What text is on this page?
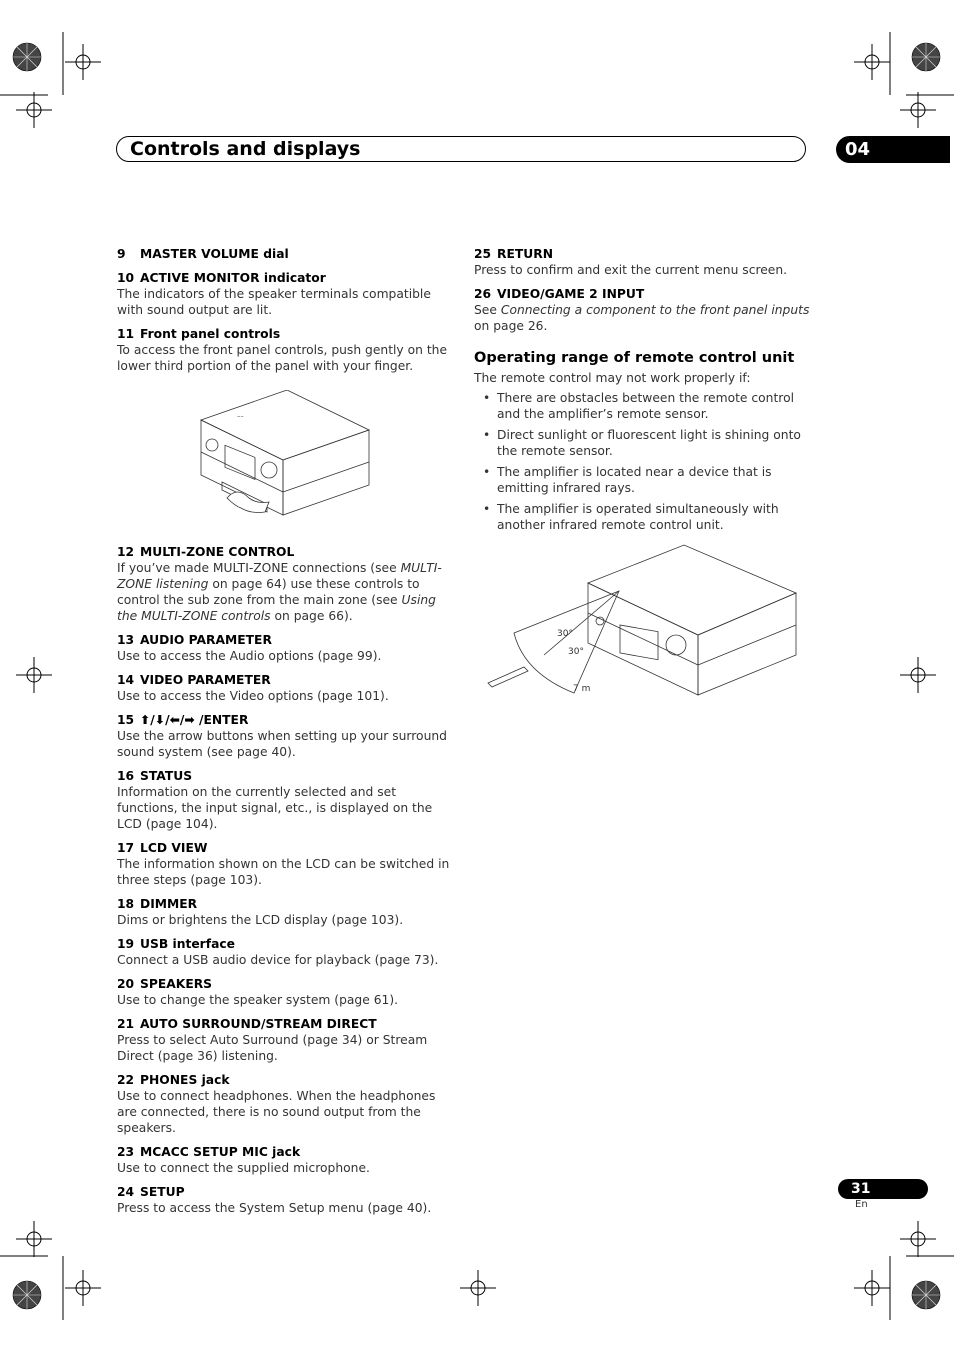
Controls and displays	04
9	MASTER VOLUME dial
10 ACTIVE MONITOR indicator
The indicators of the speaker terminals compatible with sound output are lit.
11 Front panel controls
To access the front panel controls, push gently on the lower third portion of the panel with your finger.
~~
12 MULTI-ZONE CONTROL
If you’ve made MULTI-ZONE connections (see MULTI-ZONE listening on page 64) use these controls to control the sub zone from the main zone (see Using the MULTI-ZONE controls on page 66).
13 AUDIO PARAMETER
Use to access the Audio options (page 99).
14 VIDEO PARAMETER
Use to access the Video options (page 101).
15 ⬆/⬇/⬅/➡ /ENTER
Use the arrow buttons when setting up your surround sound system (see page 40).
16 STATUS
Information on the currently selected and set functions, the input signal, etc., is displayed on the LCD (page 104).
17 LCD VIEW
The information shown on the LCD can be switched in three steps (page 103).
18 DIMMER
Dims or brightens the LCD display (page 103).
19 USB interface
Connect a USB audio device for playback (page 73).
20 SPEAKERS
Use to change the speaker system (page 61).
21 AUTO SURROUND/STREAM DIRECT
Press to select Auto Surround (page 34) or Stream Direct (page 36) listening.
22 PHONES jack
Use to connect headphones. When the headphones are connected, there is no sound output from the speakers.
23 MCACC SETUP MIC jack
Use to connect the supplied microphone.
24 SETUP
Press to access the System Setup menu (page 40).
25 RETURN
Press to confirm and exit the current menu screen.
26 VIDEO/GAME 2 INPUT
See Connecting a component to the front panel inputs on page 26.
Operating range of remote control unit
The remote control may not work properly if:
• There are obstacles between the remote control and the amplifier’s remote sensor.
• Direct sunlight or fluorescent light is shining onto the remote sensor.
• The amplifier is located near a device that is emitting infrared rays.
• The amplifier is operated simultaneously with another infrared remote control unit.
30°
30°
7 m
31
En
